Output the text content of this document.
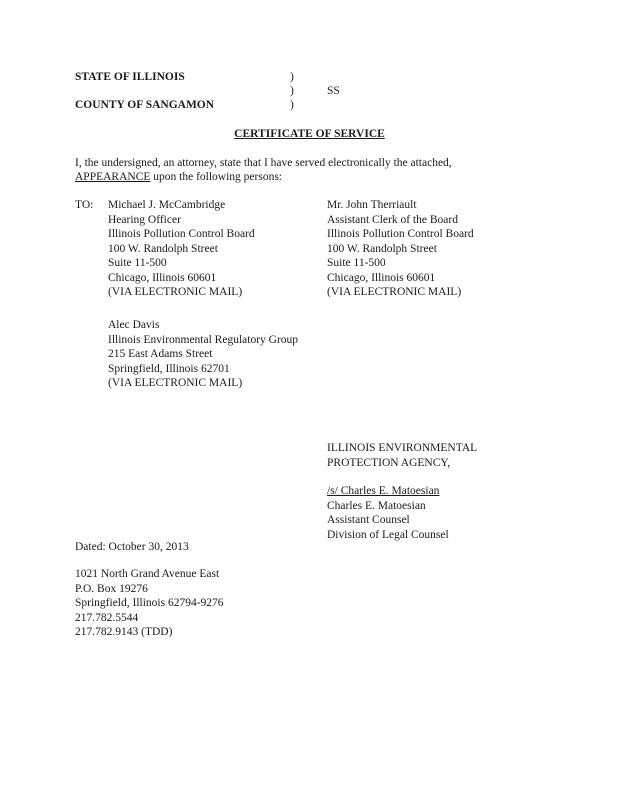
STATE OF ILLINOIS	)
)	SS
)
COUNTY OF SANGAMON
CERTIFICATE OF SERVICE
I, the undersigned, an attorney, state that I have served electronically the attached,
APPEARANCE upon the following persons:
TO: Michael J. McCambridge
Hearing Officer
Illinois Pollution Control Board
100 W. Randolph Street
Suite 11-500
Chicago, Illinois 60601
(VIA ELECTRONIC MAIL)
Mr. John Therriault
Assistant Clerk of the Board
Illinois Pollution Control Board
100 W. Randolph Street
Suite 11-500
Chicago, Illinois 60601
(VIA ELECTRONIC MAIL)
Alec Davis
Illinois Environmental Regulatory Group
215 East Adams Street
Springfield, Illinois 62701
(VIA ELECTRONIC MAIL)
ILLINOIS ENVIRONMENTAL
PROTECTION AGENCY,
/s/ Charles E. Matoesian
Charles E. Matoesian
Assistant Counsel
Division of Legal Counsel
Dated: October 30, 2013
1021 North Grand Avenue East
P.O. Box 19276
Springfield, Illinois 62794-9276
217.782.5544
217.782.9143 (TDD)
